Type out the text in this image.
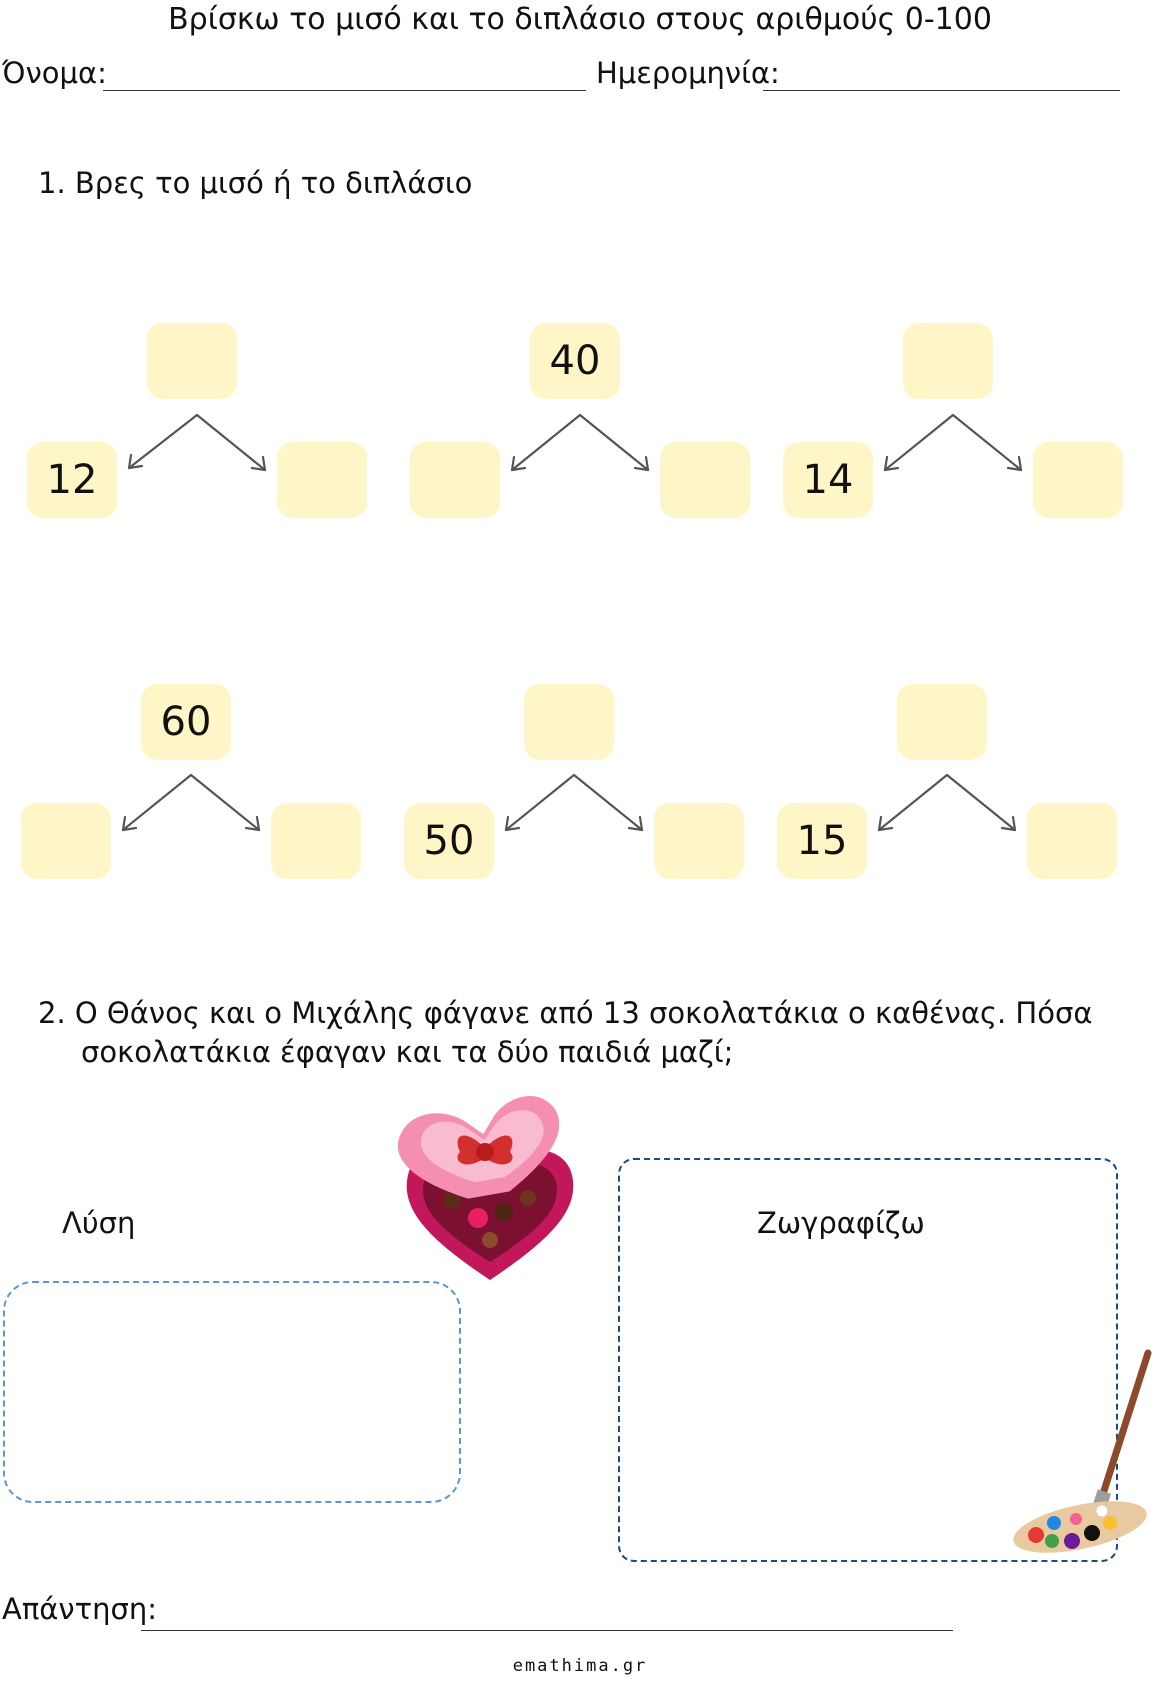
Βρίσκω το μισό και το διπλάσιο στους αριθμούς 0-100
Όνομα:	Ημερομηνία:
1. Βρες το μισό ή το διπλάσιο
12
40
14
60
50	15
2. Ο Θάνος και ο Μιχάλης φάγανε από 13 σοκολατάκια ο καθένας. Πόσα
σοκολατάκια έφαγαν και τα δύο παιδιά μαζί;
Λύση	Ζωγραφίζω
Απάντηση:
emathima.gr
